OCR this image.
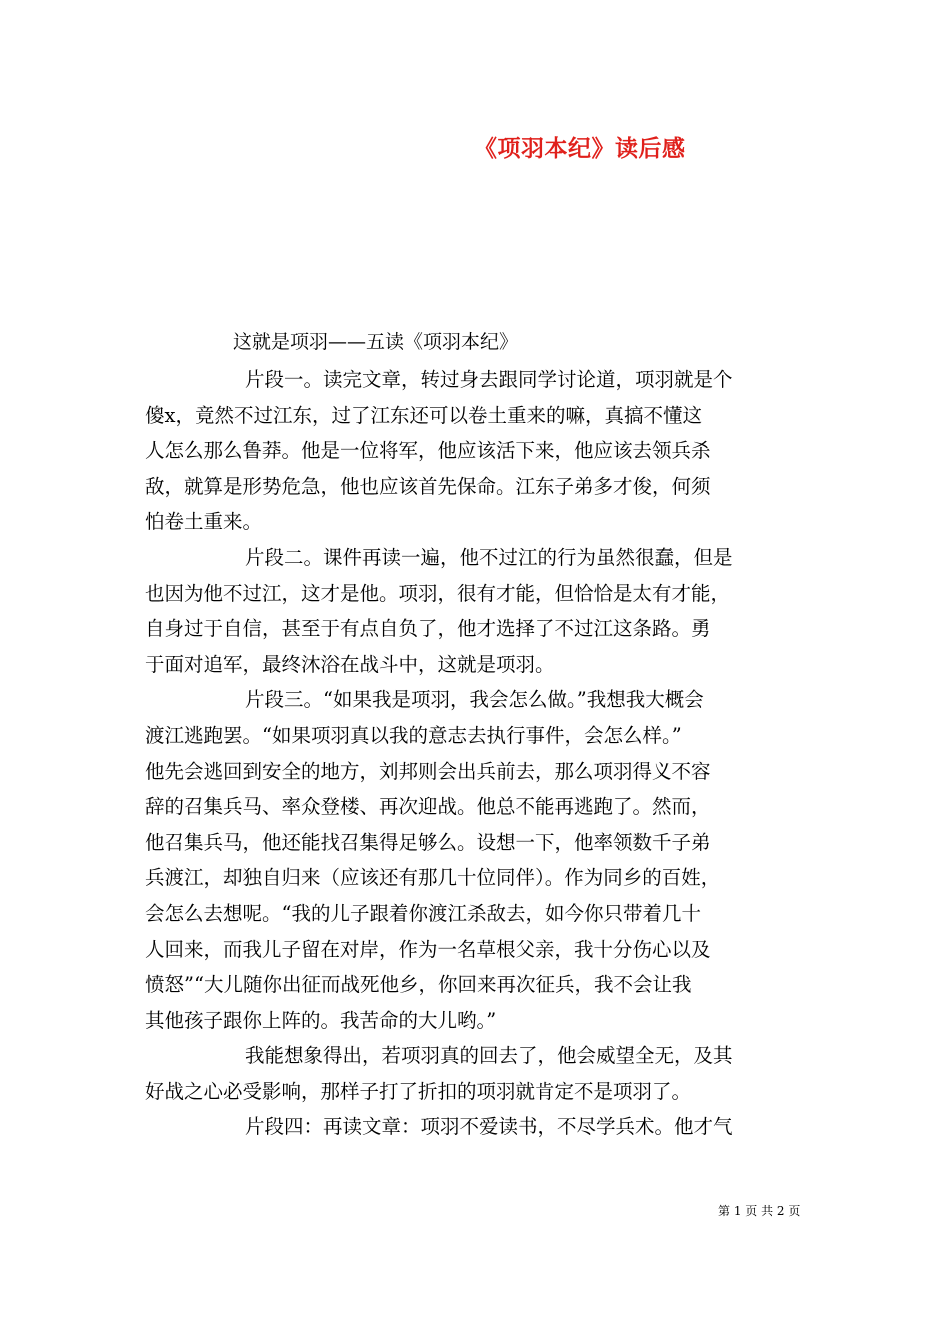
《项羽本纪》读后感
这就是项羽——五读《项羽本纪》
片段一。读完文章，转过身去跟同学讨论道，项羽就是个
傻x，竟然不过江东，过了江东还可以卷土重来的嘛，真搞不懂这
人怎么那么鲁莽。他是一位将军，他应该活下来，他应该去领兵杀
敌，就算是形势危急，他也应该首先保命。江东子弟多才俊，何须
怕卷土重来。
片段二。课件再读一遍，他不过江的行为虽然很蠢，但是
也因为他不过江，这才是他。项羽，很有才能，但恰恰是太有才能，
自身过于自信，甚至于有点自负了，他才选择了不过江这条路。勇
于面对追军，最终沐浴在战斗中，这就是项羽。
片段三。“如果我是项羽，我会怎么做。”我想我大概会
渡江逃跑罢。“如果项羽真以我的意志去执行事件，会怎么样。”
他先会逃回到安全的地方，刘邦则会出兵前去，那么项羽得义不容
辞的召集兵马、率众登楼、再次迎战。他总不能再逃跑了。然而，
他召集兵马，他还能找召集得足够么。设想一下，他率领数千子弟
兵渡江，却独自归来（应该还有那几十位同伴）。作为同乡的百姓，
会怎么去想呢。“我的儿子跟着你渡江杀敌去，如今你只带着几十
人回来，而我儿子留在对岸，作为一名草根父亲，我十分伤心以及
愤怒”“大儿随你出征而战死他乡，你回来再次征兵，我不会让我
其他孩子跟你上阵的。我苦命的大儿哟。”
我能想象得出，若项羽真的回去了，他会威望全无，及其
好战之心必受影响，那样子打了折扣的项羽就肯定不是项羽了。
片段四：再读文章：项羽不爱读书，不尽学兵术。他才气
第 1 页 共 2 页
